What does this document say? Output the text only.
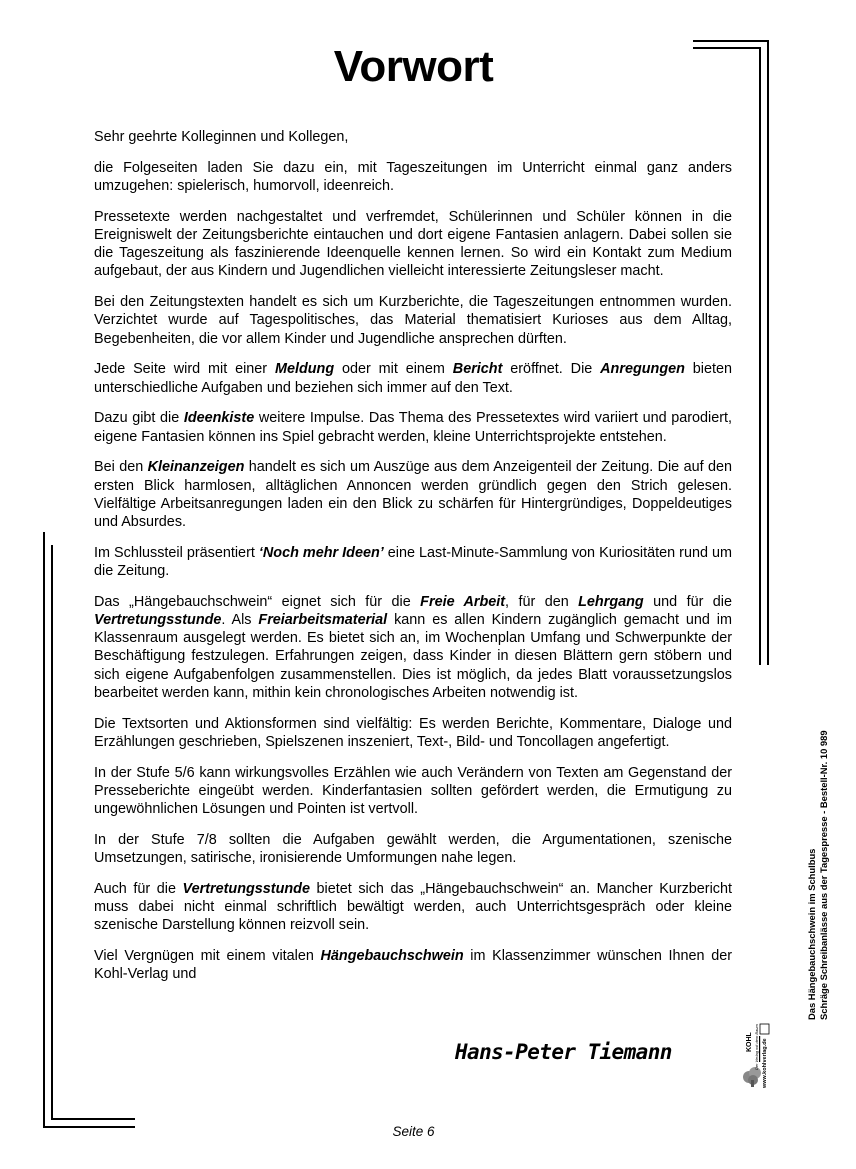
Vorwort

Sehr geehrte Kolleginnen und Kollegen,

die Folgeseiten laden Sie dazu ein, mit Tageszeitungen im Unterricht einmal ganz anders umzugehen: spielerisch, humorvoll, ideenreich.

Pressetexte werden nachgestaltet und verfremdet, Schülerinnen und Schüler können in die Ereigniswelt der Zeitungsberichte eintauchen und dort eigene Fantasien anlagern. Dabei sollen sie die Tageszeitung als faszinierende Ideenquelle kennen lernen. So wird ein Kontakt zum Medium aufgebaut, der aus Kindern und Jugendlichen vielleicht interessierte Zeitungsleser macht.

Bei den Zeitungstexten handelt es sich um Kurzberichte, die Tageszeitungen entnommen wurden. Verzichtet wurde auf Tagespolitisches, das Material thematisiert Kurioses aus dem Alltag, Begebenheiten, die vor allem Kinder und Jugendliche ansprechen dürften.

Jede Seite wird mit einer Meldung oder mit einem Bericht eröffnet. Die Anregungen bieten unterschiedliche Aufgaben und beziehen sich immer auf den Text.

Dazu gibt die Ideenkiste weitere Impulse. Das Thema des Pressetextes wird variiert und parodiert, eigene Fantasien können ins Spiel gebracht werden, kleine Unterrichtsprojekte entstehen.

Bei den Kleinanzeigen handelt es sich um Auszüge aus dem Anzeigenteil der Zeitung. Die auf den ersten Blick harmlosen, alltäglichen Annoncen werden gründlich gegen den Strich gelesen. Vielfältige Arbeitsanregungen laden ein den Blick zu schärfen für Hintergründiges, Doppeldeutiges und Absurdes.

Im Schlussteil präsentiert ‘Noch mehr Ideen’ eine Last-Minute-Sammlung von Kuriositäten rund um die Zeitung.

Das „Hängebauchschwein“ eignet sich für die Freie Arbeit, für den Lehrgang und für die Vertretungsstunde. Als Freiarbeitsmaterial kann es allen Kindern zugänglich gemacht und im Klassenraum ausgelegt werden. Es bietet sich an, im Wochenplan Umfang und Schwerpunkte der Beschäftigung festzulegen. Erfahrungen zeigen, dass Kinder in diesen Blättern gern stöbern und sich eigene Aufgabenfolgen zusammenstellen. Dies ist möglich, da jedes Blatt voraussetzungslos bearbeitet werden kann, mithin kein chronologisches Arbeiten notwendig ist.

Die Textsorten und Aktionsformen sind vielfältig: Es werden Berichte, Kommentare, Dialoge und Erzählungen geschrieben, Spielszenen inszeniert, Text-, Bild- und Toncollagen angefertigt.

In der Stufe 5/6 kann wirkungsvolles Erzählen wie auch Verändern von Texten am Gegenstand der Presseberichte eingeübt werden. Kinderfantasien sollten gefördert werden, die Ermutigung zu ungewöhnlichen Lösungen und Pointen ist vertvoll.

In der Stufe 7/8 sollten die Aufgaben gewählt werden, die Argumentationen, szenische Umsetzungen, satirische, ironisierende Umformungen nahe legen.

Auch für die Vertretungsstunde bietet sich das „Hängebauchschwein“ an. Mancher Kurzbericht muss dabei nicht einmal schriftlich bewältigt werden, auch Unterrichtsgespräch oder kleine szenische Darstellung können reizvoll sein.

Viel Vergnügen mit einem vitalen Hängebauchschwein im Klassenzimmer wünschen Ihnen der Kohl-Verlag und

Hans-Peter Tiemann
Seite 6
Das Hängebauchschwein im Schulbus Schräge Schreibanlässe aus der Tagespresse - Bestell-Nr. 10 989
KOHL Der Verlag mit dem Baum www.kohlverlag.de
